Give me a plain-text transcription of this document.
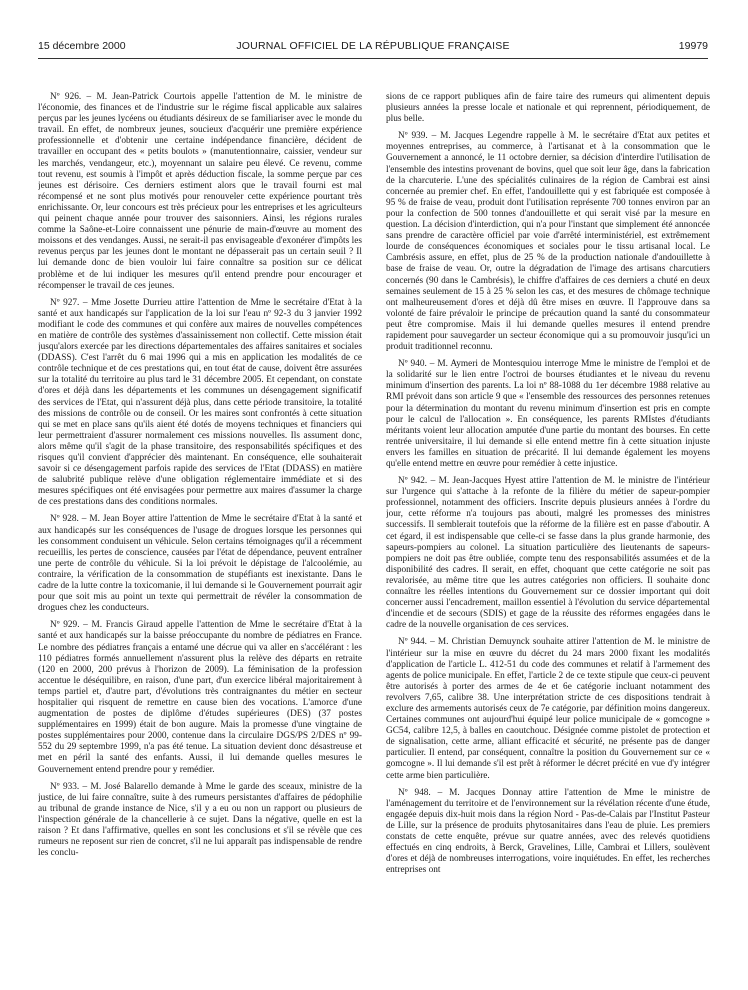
15 décembre 2000	JOURNAL OFFICIEL DE LA RÉPUBLIQUE FRANÇAISE	19979

Nº 926. – M. Jean-Patrick Courtois appelle l'attention de M. le ministre de l'économie, des finances et de l'industrie sur le régime fiscal applicable aux salaires perçus par les jeunes lycéens ou étudiants désireux de se familiariser avec le monde du travail. En effet, de nombreux jeunes, soucieux d'acquérir une première expérience professionnelle et d'obtenir une certaine indépendance financière, décident de travailler en occupant des « petits boulots » (manutentionnaire, caissier, vendeur sur les marchés, vendangeur, etc.), moyennant un salaire peu élevé. Ce revenu, comme tout revenu, est soumis à l'impôt et après déduction fiscale, la somme perçue par ces jeunes est dérisoire. Ces derniers estiment alors que le travail fourni est mal récompensé et ne sont plus motivés pour renouveler cette expérience pourtant très enrichissante. Or, leur concours est très précieux pour les entreprises et les agriculteurs qui peinent chaque année pour trouver des saisonniers. Ainsi, les régions rurales comme la Saône-et-Loire connaissent une pénurie de main-d'œuvre au moment des moissons et des vendanges. Aussi, ne serait-il pas envisageable d'exonérer d'impôts les revenus perçus par les jeunes dont le montant ne dépasserait pas un certain seuil ? Il lui demande donc de bien vouloir lui faire connaître sa position sur ce délicat problème et de lui indiquer les mesures qu'il entend prendre pour encourager et récompenser le travail de ces jeunes.

Nº 927. – Mme Josette Durrieu attire l'attention de Mme le secrétaire d'Etat à la santé et aux handicapés sur l'application de la loi sur l'eau nº 92-3 du 3 janvier 1992 modifiant le code des communes et qui confère aux maires de nouvelles compétences en matière de contrôle des systèmes d'assainissement non collectif. Cette mission était jusqu'alors exercée par les directions départementales des affaires sanitaires et sociales (DDASS). C'est l'arrêt du 6 mai 1996 qui a mis en application les modalités de ce contrôle technique et de ces prestations qui, en tout état de cause, doivent être assurées sur la totalité du territoire au plus tard le 31 décembre 2005. Et cependant, on constate d'ores et déjà dans les départements et les communes un désengagement significatif des services de l'Etat, qui n'assurent déjà plus, dans cette période transitoire, la totalité des missions de contrôle ou de conseil. Or les maires sont confrontés à cette situation qui se met en place sans qu'ils aient été dotés de moyens techniques et financiers qui leur permettraient d'assurer normalement ces missions nouvelles. Ils assument donc, alors même qu'il s'agit de la phase transitoire, des responsabilités spécifiques et des risques qu'il convient d'apprécier dès maintenant. En conséquence, elle souhaiterait savoir si ce désengagement parfois rapide des services de l'Etat (DDASS) en matière de salubrité publique relève d'une obligation réglementaire immédiate et si des mesures spécifiques ont été envisagées pour permettre aux maires d'assumer la charge de ces prestations dans des conditions normales.

Nº 928. – M. Jean Boyer attire l'attention de Mme le secrétaire d'Etat à la santé et aux handicapés sur les conséquences de l'usage de drogues lorsque les personnes qui les consomment conduisent un véhicule. Selon certains témoignages qu'il a récemment recueillis, les pertes de conscience, causées par l'état de dépendance, peuvent entraîner une perte de contrôle du véhicule. Si la loi prévoit le dépistage de l'alcoolémie, au contraire, la vérification de la consommation de stupéfiants est inexistante. Dans le cadre de la lutte contre la toxicomanie, il lui demande si le Gouvernement pourrait agir pour que soit mis au point un texte qui permettrait de révéler la consommation de drogues chez les conducteurs.

Nº 929. – M. Francis Giraud appelle l'attention de Mme le secrétaire d'Etat à la santé et aux handicapés sur la baisse préoccupante du nombre de pédiatres en France. Le nombre des pédiatres français a entamé une décrue qui va aller en s'accélérant : les 110 pédiatres formés annuellement n'assurent plus la relève des départs en retraite (120 en 2000, 200 prévus à l'horizon de 2009). La féminisation de la profession accentue le déséquilibre, en raison, d'une part, d'un exercice libéral majoritairement à temps partiel et, d'autre part, d'évolutions très contraignantes du métier en secteur hospitalier qui risquent de remettre en cause bien des vocations. L'amorce d'une augmentation de postes de diplôme d'études supérieures (DES) (37 postes supplémentaires en 1999) était de bon augure. Mais la promesse d'une vingtaine de postes supplémentaires pour 2000, contenue dans la circulaire DGS/PS 2/DES nº 99-552 du 29 septembre 1999, n'a pas été tenue. La situation devient donc désastreuse et met en péril la santé des enfants. Aussi, il lui demande quelles mesures le Gouvernement entend prendre pour y remédier.

Nº 933. – M. José Balarello demande à Mme le garde des sceaux, ministre de la justice, de lui faire connaître, suite à des rumeurs persistantes d'affaires de pédophilie au tribunal de grande instance de Nice, s'il y a eu ou non un rapport ou plusieurs de l'inspection générale de la chancellerie à ce sujet. Dans la négative, quelle en est la raison ? Et dans l'affirmative, quelles en sont les conclusions et s'il se révèle que ces rumeurs ne reposent sur rien de concret, s'il ne lui apparaît pas indispensable de rendre les conclu-

sions de ce rapport publiques afin de faire taire des rumeurs qui alimentent depuis plusieurs années la presse locale et nationale et qui reprennent, périodiquement, de plus belle.

Nº 939. – M. Jacques Legendre rappelle à M. le secrétaire d'Etat aux petites et moyennes entreprises, au commerce, à l'artisanat et à la consommation que le Gouvernement a annoncé, le 11 octobre dernier, sa décision d'interdire l'utilisation de l'ensemble des intestins provenant de bovins, quel que soit leur âge, dans la fabrication de la charcuterie. L'une des spécialités culinaires de la région de Cambrai est ainsi concernée au premier chef. En effet, l'andouillette qui y est fabriquée est composée à 95 % de fraise de veau, produit dont l'utilisation représente 700 tonnes environ par an pour la confection de 500 tonnes d'andouillette et qui serait visé par la mesure en question. La décision d'interdiction, qui n'a pour l'instant que simplement été annoncée sans prendre de caractère officiel par voie d'arrêté interministériel, est extrêmement lourde de conséquences économiques et sociales pour le tissu artisanal local. Le Cambrésis assure, en effet, plus de 25 % de la production nationale d'andouillette à base de fraise de veau. Or, outre la dégradation de l'image des artisans charcutiers concernés (90 dans le Cambrésis), le chiffre d'affaires de ces derniers a chuté en deux semaines seulement de 15 à 25 % selon les cas, et des mesures de chômage technique ont malheureusement d'ores et déjà dû être mises en œuvre. Il l'approuve dans sa volonté de faire prévaloir le principe de précaution quand la santé du consommateur peut être compromise. Mais il lui demande quelles mesures il entend prendre rapidement pour sauvegarder un secteur économique qui a su promouvoir jusqu'ici un produit traditionnel reconnu.

Nº 940. – M. Aymeri de Montesquiou interroge Mme le ministre de l'emploi et de la solidarité sur le lien entre l'octroi de bourses étudiantes et le niveau du revenu minimum d'insertion des parents. La loi nº 88-1088 du 1er décembre 1988 relative au RMI prévoit dans son article 9 que « l'ensemble des ressources des personnes retenues pour la détermination du montant du revenu minimum d'insertion est pris en compte pour le calcul de l'allocation ». En conséquence, les parents RMIstes d'étudiants méritants voient leur allocation amputée d'une partie du montant des bourses. En cette rentrée universitaire, il lui demande si elle entend mettre fin à cette situation injuste envers les familles en situation de précarité. Il lui demande également les moyens qu'elle entend mettre en œuvre pour remédier à cette injustice.

Nº 942. – M. Jean-Jacques Hyest attire l'attention de M. le ministre de l'intérieur sur l'urgence qui s'attache à la refonte de la filière du métier de sapeur-pompier professionnel, notamment des officiers. Inscrite depuis plusieurs années à l'ordre du jour, cette réforme n'a toujours pas abouti, malgré les promesses des ministres successifs. Il semblerait toutefois que la réforme de la filière est en passe d'aboutir. A cet égard, il est indispensable que celle-ci se fasse dans la plus grande harmonie, des sapeurs-pompiers au colonel. La situation particulière des lieutenants de sapeurs-pompiers ne doit pas être oubliée, compte tenu des responsabilités assumées et de la disponibilité des cadres. Il serait, en effet, choquant que cette catégorie ne soit pas revalorisée, au même titre que les autres catégories non officiers. Il souhaite donc connaître les réelles intentions du Gouvernement sur ce dossier important qui doit concerner aussi l'encadrement, maillon essentiel à l'évolution du service départemental d'incendie et de secours (SDIS) et gage de la réussite des réformes engagées dans le cadre de la nouvelle organisation de ces services.

Nº 944. – M. Christian Demuynck souhaite attirer l'attention de M. le ministre de l'intérieur sur la mise en œuvre du décret du 24 mars 2000 fixant les modalités d'application de l'article L. 412-51 du code des communes et relatif à l'armement des agents de police municipale. En effet, l'article 2 de ce texte stipule que ceux-ci peuvent être autorisés à porter des armes de 4e et 6e catégorie incluant notamment des revolvers 7,65, calibre 38. Une interprétation stricte de ces dispositions tendrait à exclure des armements autorisés ceux de 7e catégorie, par définition moins dangereux. Certaines communes ont aujourd'hui équipé leur police municipale de « gomcogne » GC54, calibre 12,5, à balles en caoutchouc. Désignée comme pistolet de protection et de signalisation, cette arme, alliant efficacité et sécurité, ne présente pas de danger particulier. Il entend, par conséquent, connaître la position du Gouvernement sur ce « gomcogne ». Il lui demande s'il est prêt à réformer le décret précité en vue d'y intégrer cette arme bien particulière.

Nº 948. – M. Jacques Donnay attire l'attention de Mme le ministre de l'aménagement du territoire et de l'environnement sur la révélation récente d'une étude, engagée depuis dix-huit mois dans la région Nord - Pas-de-Calais par l'Institut Pasteur de Lille, sur la présence de produits phytosanitaires dans l'eau de pluie. Les premiers constats de cette enquête, prévue sur quatre années, avec des relevés quotidiens effectués en cinq endroits, à Berck, Gravelines, Lille, Cambrai et Lillers, soulèvent d'ores et déjà de nombreuses interrogations, voire inquiétudes. En effet, les recherches entreprises ont
